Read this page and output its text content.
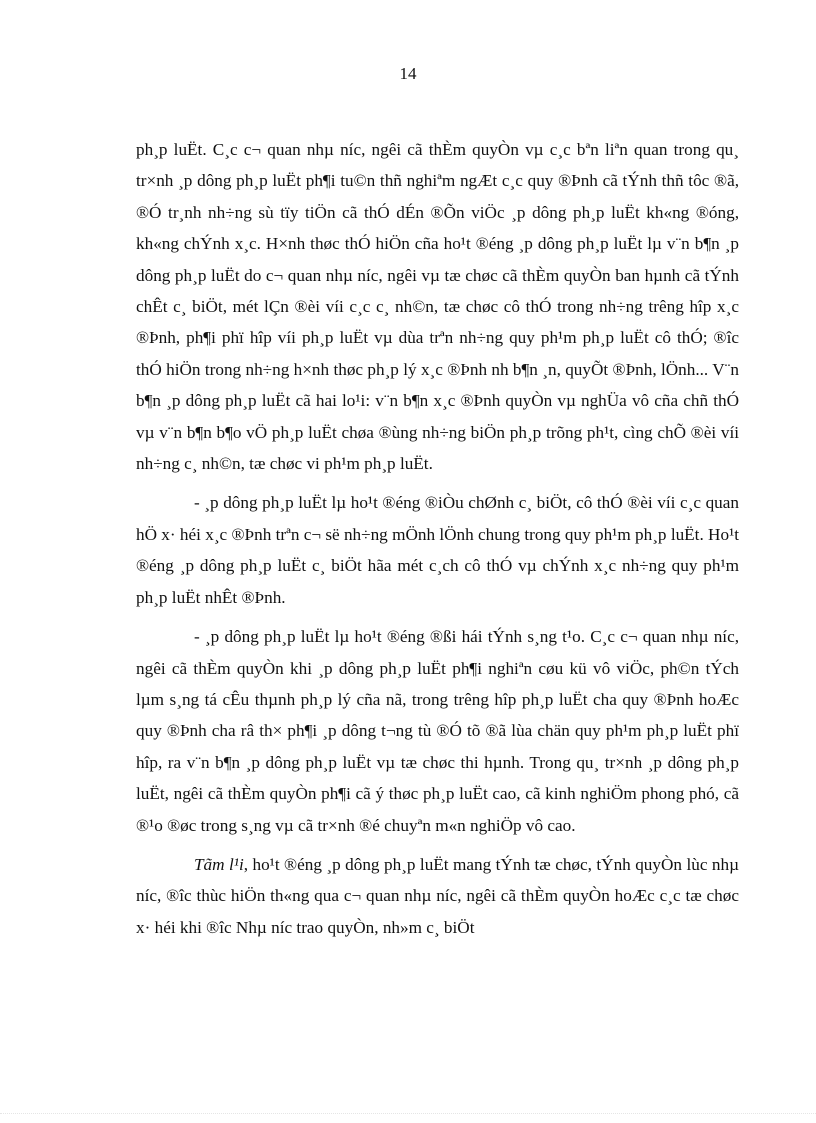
14

ph¸p luËt. C¸c c¬ quan nhµ níc, ngêi cã thÈm quyÒn vµ c¸c bªn liªn quan trong qu¸ tr×nh ¸p dông ph¸p luËt ph¶i tu©n thñ nghiªm ngÆt c¸c quy ®Þnh cã tÝnh thñ tôc ®ã, ®Ó tr¸nh nh÷ng sù tïy tiÖn cã thÓ dÉn ®Õn viÖc ¸p dông ph¸p luËt kh«ng ®óng, kh«ng chÝnh x¸c. H×nh thøc thÓ hiÖn cña ho¹t ®éng ¸p dông ph¸p luËt lµ v¨n b¶n ¸p dông ph¸p luËt do c¬ quan nhµ níc, ngêi vµ tæ chøc cã thÈm quyÒn ban hµnh cã tÝnh chÊt c¸ biÖt, mét lÇn ®èi víi c¸c c¸ nh©n, tæ chøc cô thÓ trong nh÷ng trêng hîp x¸c ®Þnh, ph¶i phï hîp víi ph¸p luËt vµ dùa trªn nh÷ng quy ph¹m ph¸p luËt cô thÓ; ®îc thÓ hiÖn trong nh÷ng h×nh thøc ph¸p lý x¸c ®Þnh nh b¶n ¸n, quyÕt ®Þnh, lÖnh... V¨n b¶n ¸p dông ph¸p luËt cã hai lo¹i: v¨n b¶n x¸c ®Þnh quyÒn vµ nghÜa vô cña chñ thÓ vµ v¨n b¶n b¶o vÖ ph¸p luËt chøa ®ùng nh÷ng biÖn ph¸p trõng ph¹t, cìng chÕ ®èi víi nh÷ng c¸ nh©n, tæ chøc vi ph¹m ph¸p luËt.

- ¸p dông ph¸p luËt lµ ho¹t ®éng ®iÒu chØnh c¸ biÖt, cô thÓ ®èi víi c¸c quan hÖ x· héi x¸c ®Þnh trªn c¬ së nh÷ng mÖnh lÖnh chung trong quy ph¹m ph¸p luËt. Ho¹t ®éng ¸p dông ph¸p luËt c¸ biÖt hãa mét c¸ch cô thÓ vµ chÝnh x¸c nh÷ng quy ph¹m ph¸p luËt nhÊt ®Þnh.

- ¸p dông ph¸p luËt lµ ho¹t ®éng ®ßi hái tÝnh s¸ng t¹o. C¸c c¬ quan nhµ níc, ngêi cã thÈm quyÒn khi ¸p dông ph¸p luËt ph¶i nghiªn cøu kü vô viÖc, ph©n tÝch lµm s¸ng tá cÊu thµnh ph¸p lý cña nã, trong trêng hîp ph¸p luËt cha quy ®Þnh hoÆc quy ®Þnh cha râ th× ph¶i ¸p dông t¬ng tù ®Ó tõ ®ã lùa chän quy ph¹m ph¸p luËt phï hîp, ra v¨n b¶n ¸p dông ph¸p luËt vµ tæ chøc thi hµnh. Trong qu¸ tr×nh ¸p dông ph¸p luËt, ngêi cã thÈm quyÒn ph¶i cã ý thøc ph¸p luËt cao, cã kinh nghiÖm phong phó, cã ®¹o ®øc trong s¸ng vµ cã tr×nh ®é chuyªn m«n nghiÖp vô cao.

Tãm l¹i, ho¹t ®éng ¸p dông ph¸p luËt mang tÝnh tæ chøc, tÝnh quyÒn lùc nhµ níc, ®îc thùc hiÖn th«ng qua c¬ quan nhµ níc, ngêi cã thÈm quyÒn hoÆc c¸c tæ chøc x· héi khi ®îc Nhµ níc trao quyÒn, nh»m c¸ biÖt
